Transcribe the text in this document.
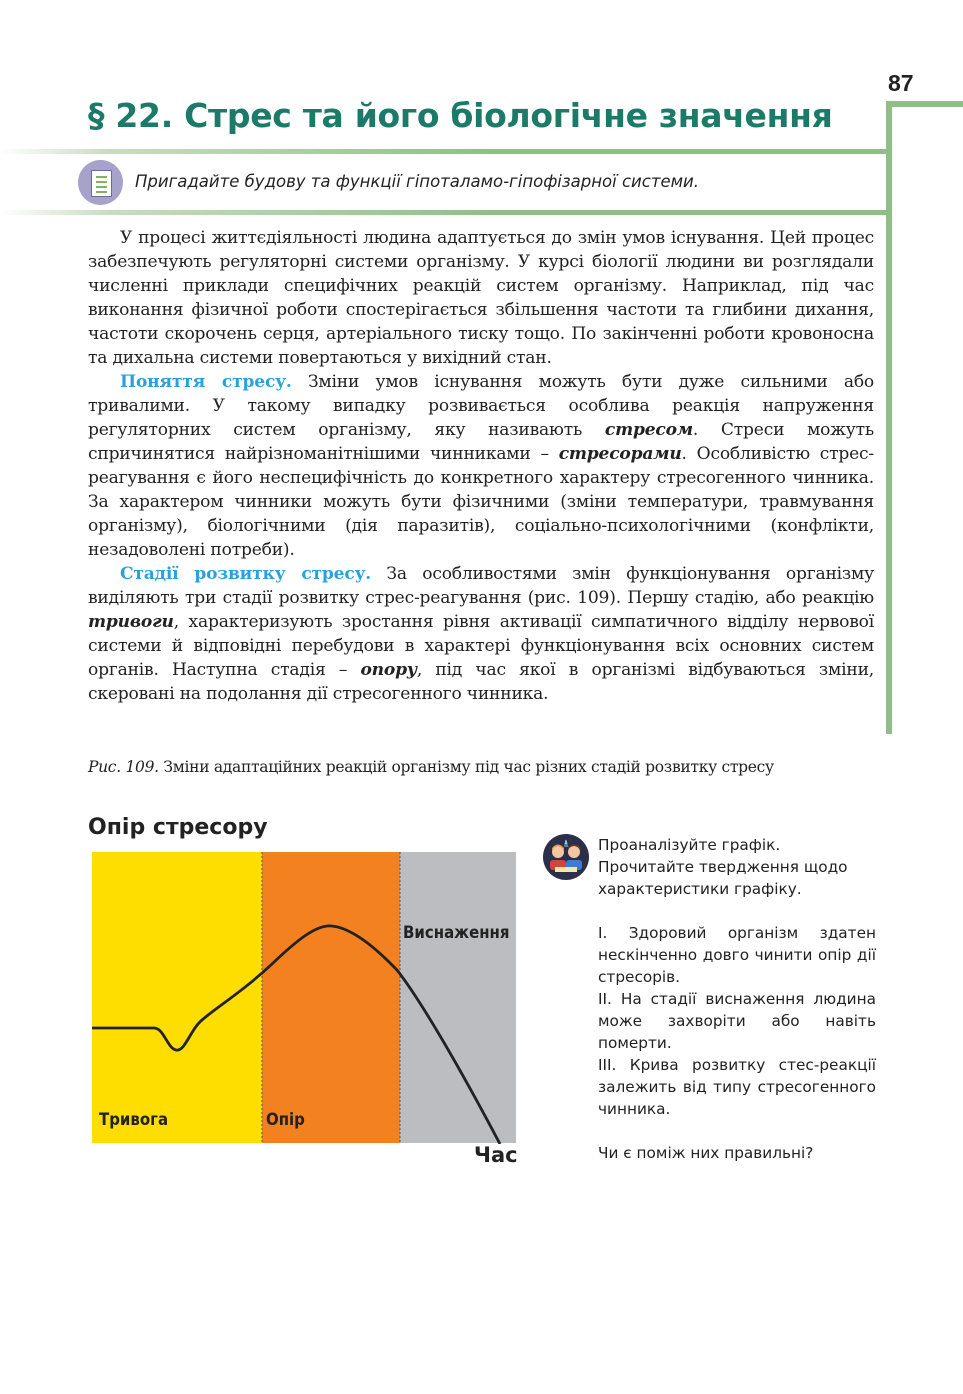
87
§ 22. Стрес та його біологічне значення
Пригадайте будову та функції гіпоталамо-гіпофізарної системи.

У процесі життєдіяльності людина адаптується до змін умов існування. Цей процес забезпечують регуляторні системи організму. У курсі біології людини ви розглядали численні приклади специфічних реакцій систем організму. Наприклад, під час виконання фізичної роботи спостерігається збільшення частоти та глибини дихання, частоти скорочень серця, артеріального тиску тощо. По закінченні роботи кровоносна та дихальна системи повертаються у вихідний стан.

Поняття стресу. Зміни умов існування можуть бути дуже сильними або тривалими. У такому випадку розвивається особлива реакція напруження регуляторних систем організму, яку називають стресом. Стреси можуть спричинятися найрізноманітнішими чинниками – стресорами. Особливістю стрес-реагування є його неспецифічність до конкретного характеру стресогенного чинника. За характером чинники можуть бути фізичними (зміни температури, травмування організму), біологічними (дія паразитів), соціально-психологічними (конфлікти, незадоволені потреби).

Стадії розвитку стресу. За особливостями змін функціонування організму виділяють три стадії розвитку стрес-реагування (рис. 109). Першу стадію, або реакцію тривоги, характеризують зростання рівня активації симпатичного відділу нервової системи й відповідні перебудови в характері функціонування всіх основних систем органів. Наступна стадія – опору, під час якої в організмі відбуваються зміни, скеровані на подолання дії стресогенного чинника.

Рис. 109. Зміни адаптаційних реакцій організму під час різних стадій розвитку стресу
Опір стресору
Тривога	Опір
Виснаження
Час

Проаналізуйте графік. Прочитайте твердження щодо характеристики графіку.

І. Здоровий організм здатен нескінченно довго чинити опір дії стресорів.

ІІ. На стадії виснаження людина може захворіти або навіть померти.

ІІІ. Крива розвитку стес-реакції залежить від типу стресогенного чинника.

Чи є поміж них правильні?
